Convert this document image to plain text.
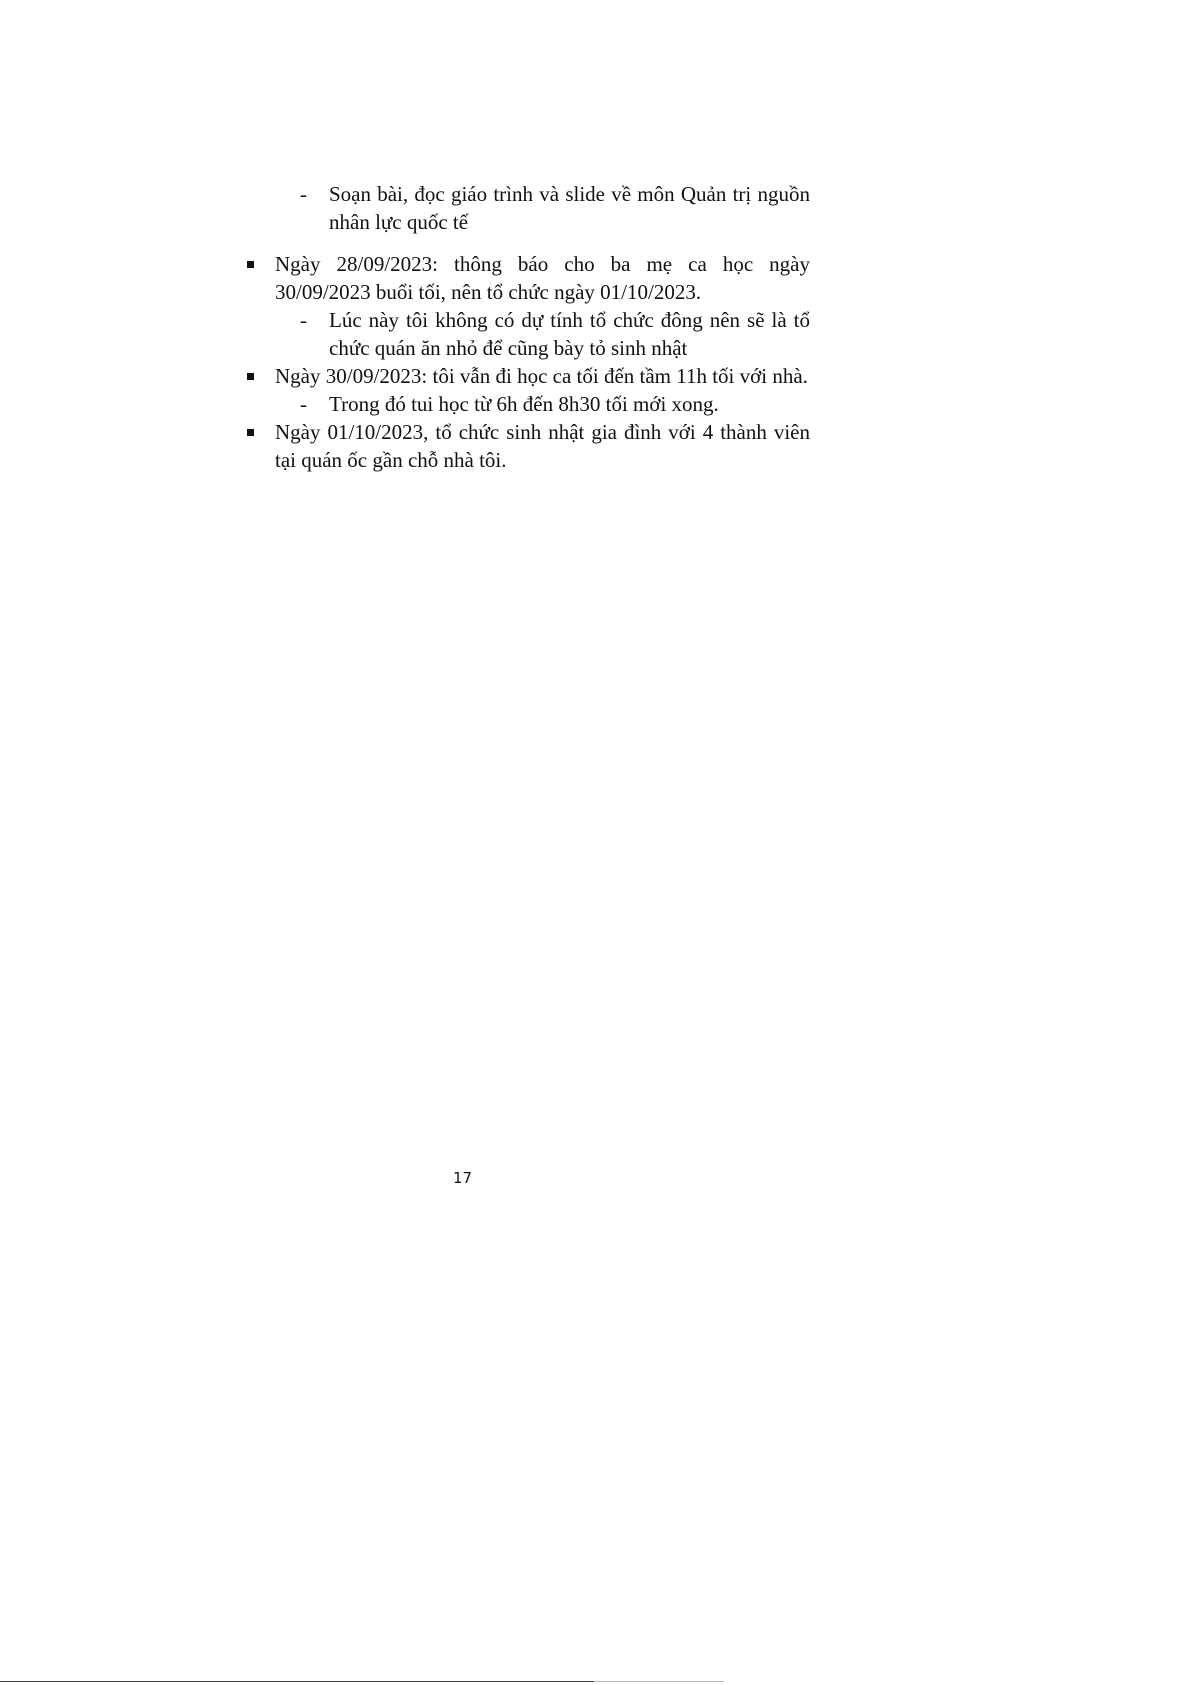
- Soạn bài, đọc giáo trình và slide về môn Quản trị nguồn nhân lực quốc tế
Ngày 28/09/2023: thông báo cho ba mẹ ca học ngày 30/09/2023 buổi tối, nên tổ chức ngày 01/10/2023.
- Lúc này tôi không có dự tính tổ chức đông nên sẽ là tổ chức quán ăn nhỏ để cũng bày tỏ sinh nhật
Ngày 30/09/2023: tôi vẫn đi học ca tối đến tầm 11h tối với nhà.
- Trong đó tui học từ 6h đến 8h30 tối mới xong.
Ngày 01/10/2023, tổ chức sinh nhật gia đình với 4 thành viên tại quán ốc gần chỗ nhà tôi.
17
